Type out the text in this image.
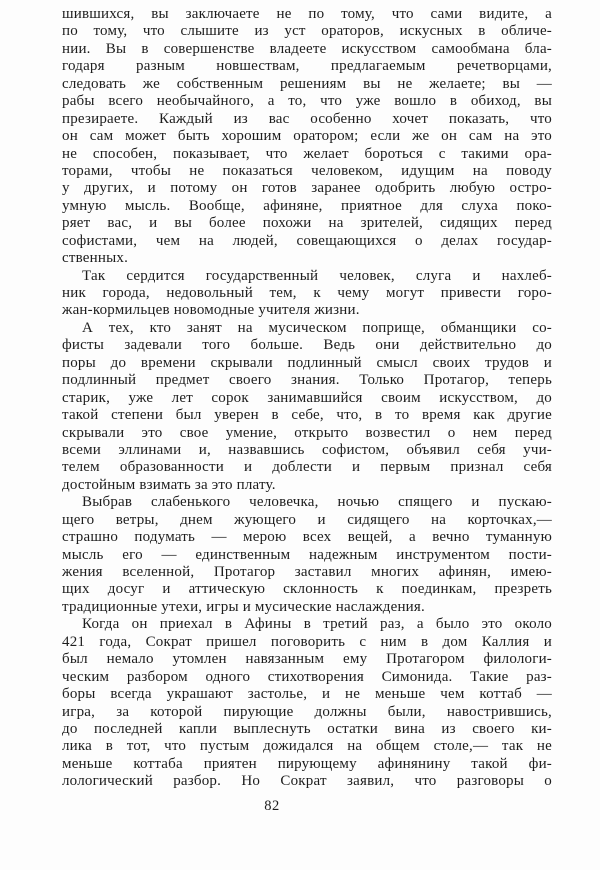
шившихся, вы заключаете не по тому, что сами видите, а
по тому, что слышите из уст ораторов, искусных в обличе-
нии. Вы в совершенстве владеете искусством самообмана бла-
годаря разным новшествам, предлагаемым речетворцами,
следовать же собственным решениям вы не желаете; вы —
рабы всего необычайного, а то, что уже вошло в обиход, вы
презираете. Каждый из вас особенно хочет показать, что
он сам может быть хорошим оратором; если же он сам на это
не способен, показывает, что желает бороться с такими ора-
торами, чтобы не показаться человеком, идущим на поводу
у других, и потому он готов заранее одобрить любую остро-
умную мысль. Вообще, афиняне, приятное для слуха поко-
ряет вас, и вы более похожи на зрителей, сидящих перед
софистами, чем на людей, совещающихся о делах государ-
ственных.
Так сердится государственный человек, слуга и нахлеб-
ник города, недовольный тем, к чему могут привести горо-
жан-кормильцев новомодные учителя жизни.
А тех, кто занят на мусическом поприще, обманщики со-
фисты задевали того больше. Ведь они действительно до
поры до времени скрывали подлинный смысл своих трудов и
подлинный предмет своего знания. Только Протагор, теперь
старик, уже лет сорок занимавшийся своим искусством, до
такой степени был уверен в себе, что, в то время как другие
скрывали это свое умение, открыто возвестил о нем перед
всеми эллинами и, назвавшись софистом, объявил себя учи-
телем образованности и доблести и первым признал себя
достойным взимать за это плату.
Выбрав слабенького человечка, ночью спящего и пускаю-
щего ветры, днем жующего и сидящего на корточках,—
страшно подумать — мерою всех вещей, а вечно туманную
мысль его — единственным надежным инструментом пости-
жения вселенной, Протагор заставил многих афинян, имею-
щих досуг и аттическую склонность к поединкам, презреть
традиционные утехи, игры и мусические наслаждения.
Когда он приехал в Афины в третий раз, а было это около
421 года, Сократ пришел поговорить с ним в дом Каллия и
был немало утомлен навязанным ему Протагором филологи-
ческим разбором одного стихотворения Симонида. Такие раз-
боры всегда украшают застолье, и не меньше чем коттаб —
игра, за которой пирующие должны были, навострившись,
до последней капли выплеснуть остатки вина из своего ки-
лика в тот, что пустым дожидался на общем столе,— так не
меньше коттаба приятен пирующему афинянину такой фи-
лологический разбор. Но Сократ заявил, что разговоры о
82
